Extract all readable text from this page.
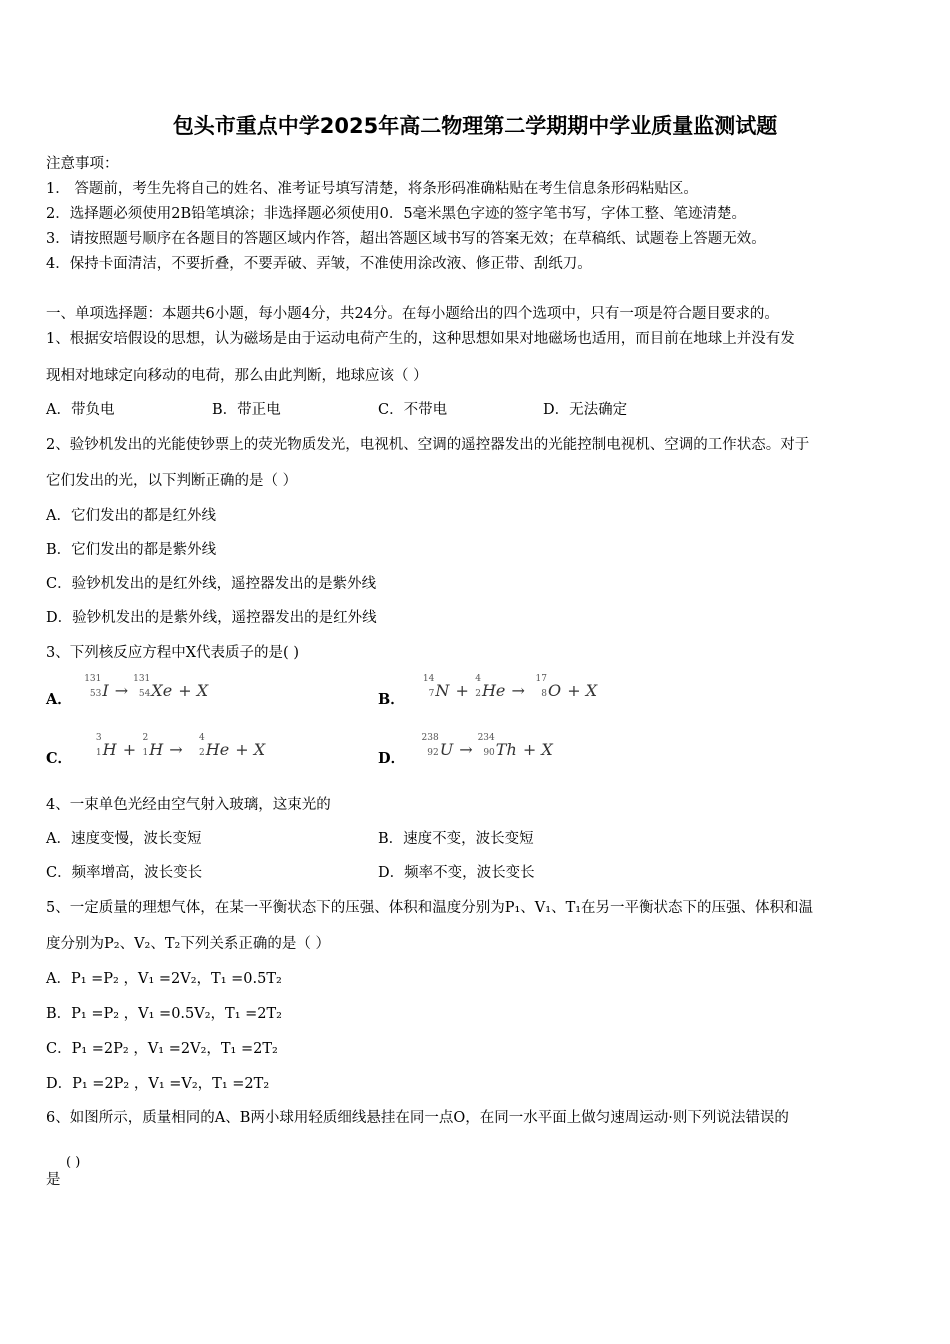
包头市重点中学2025年高二物理第二学期期中学业质量监测试题
注意事项：
1． 答题前，考生先将自己的姓名、准考证号填写清楚，将条形码准确粘贴在考生信息条形码粘贴区。
2．选择题必须使用2B铅笔填涂；非选择题必须使用0．5毫米黑色字迹的签字笔书写，字体工整、笔迹清楚。
3．请按照题号顺序在各题目的答题区域内作答，超出答题区域书写的答案无效；在草稿纸、试题卷上答题无效。
4．保持卡面清洁，不要折叠，不要弄破、弄皱，不准使用涂改液、修正带、刮纸刀。
一、单项选择题：本题共6小题，每小题4分，共24分。在每小题给出的四个选项中，只有一项是符合题目要求的。
1、根据安培假设的思想，认为磁场是由于运动电荷产生的，这种思想如果对地磁场也适用，而目前在地球上并没有发
现相对地球定向移动的电荷，那么由此判断，地球应该（ ）
A．带负电	B．带正电	C．不带电	D．无法确定
2、验钞机发出的光能使钞票上的荧光物质发光，电视机、空调的遥控器发出的光能控制电视机、空调的工作状态。对于
它们发出的光，以下判断正确的是（ ）
A．它们发出的都是红外线
B．它们发出的都是紫外线
C．验钞机发出的是红外线，遥控器发出的是紫外线
D．验钞机发出的是紫外线，遥控器发出的是红外线
3、下列核反应方程中X代表质子的是( )
A．
131
53 I →
131
54 Xe + X	B．
14
7 N +
4
2 He →
17
8 O + X
C．
3
1 H +
2
1 H →
4
2 He + X	D．
238
92 U →
234
90 Th + X
4、一束单色光经由空气射入玻璃，这束光的
A．速度变慢，波长变短	B．速度不变，波长变短
C．频率增高，波长变长	D．频率不变，波长变长
5、一定质量的理想气体，在某一平衡状态下的压强、体积和温度分别为P₁、V₁、T₁在另一平衡状态下的压强、体积和温
度分别为P₂、V₂、T₂下列关系正确的是（ ）
A．P₁ =P₂ ，V₁ =2V₂，T₁ =0.5T₂
B．P₁ =P₂ ，V₁ =0.5V₂，T₁ =2T₂
C．P₁ =2P₂ ，V₁ =2V₂，T₁ =2T₂
D．P₁ =2P₂ ，V₁ =V₂，T₁ =2T₂
6、如图所示，质量相同的A、B两小球用轻质细线悬挂在同一点O，在同一水平面上做匀速周运动·则下列说法错误的
是
( )
